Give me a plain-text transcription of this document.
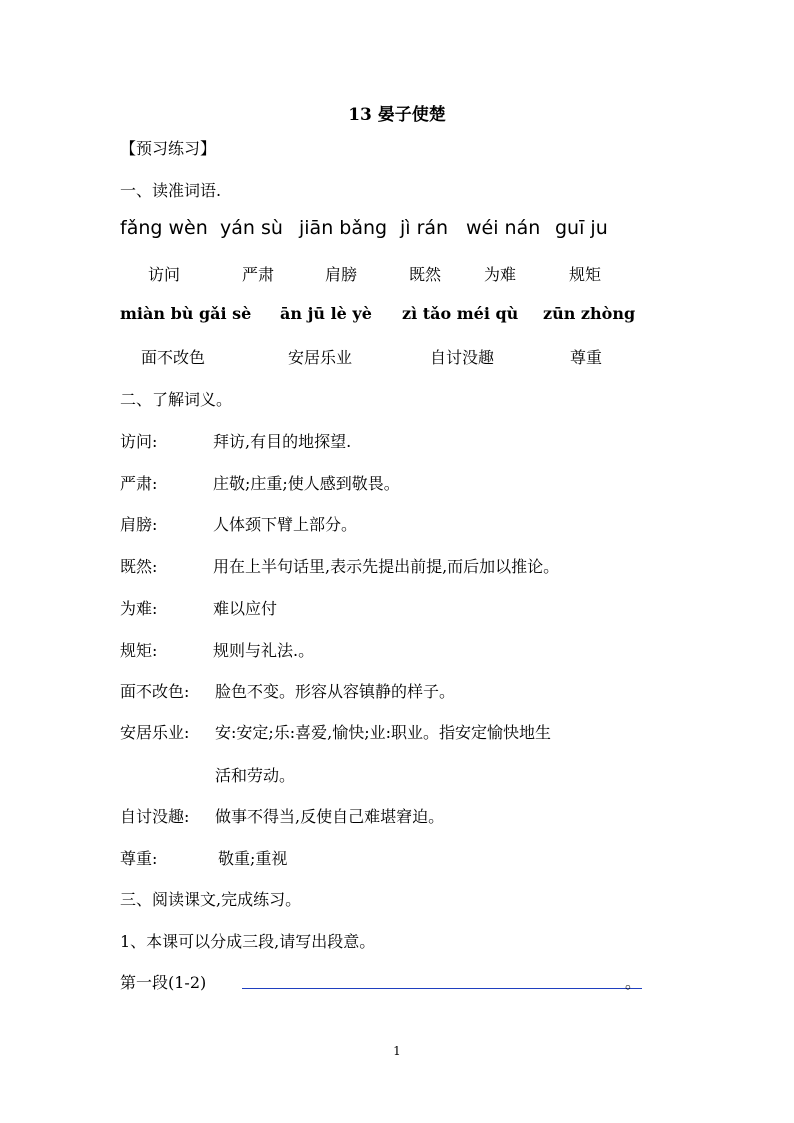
13 晏子使楚
【预习练习】
一、读准词语.
fǎng wèn yán sù jiān bǎng jì rán wéi nán guī ju
访问	严肃	肩膀	既然	为难	规矩
miàn bù gǎi sè ān jū lè yè zì tǎo méi qù zūn zhòng
面不改色	安居乐业	自讨没趣	尊重
二、了解词义。
访问:	拜访,有目的地探望.
严肃:	庄敬;庄重;使人感到敬畏。
肩膀:	人体颈下臂上部分。
既然:	用在上半句话里,表示先提出前提,而后加以推论。
为难:	难以应付
规矩:	规则与礼法.。
面不改色: 脸色不变。形容从容镇静的样子。
安居乐业: 安:安定;乐:喜爱,愉快;业:职业。指安定愉快地生
活和劳动。
自讨没趣: 做事不得当,反使自己难堪窘迫。
尊重:	敬重;重视
三、阅读课文,完成练习。
1、本课可以分成三段,请写出段意。
第一段(1-2)	。
1
